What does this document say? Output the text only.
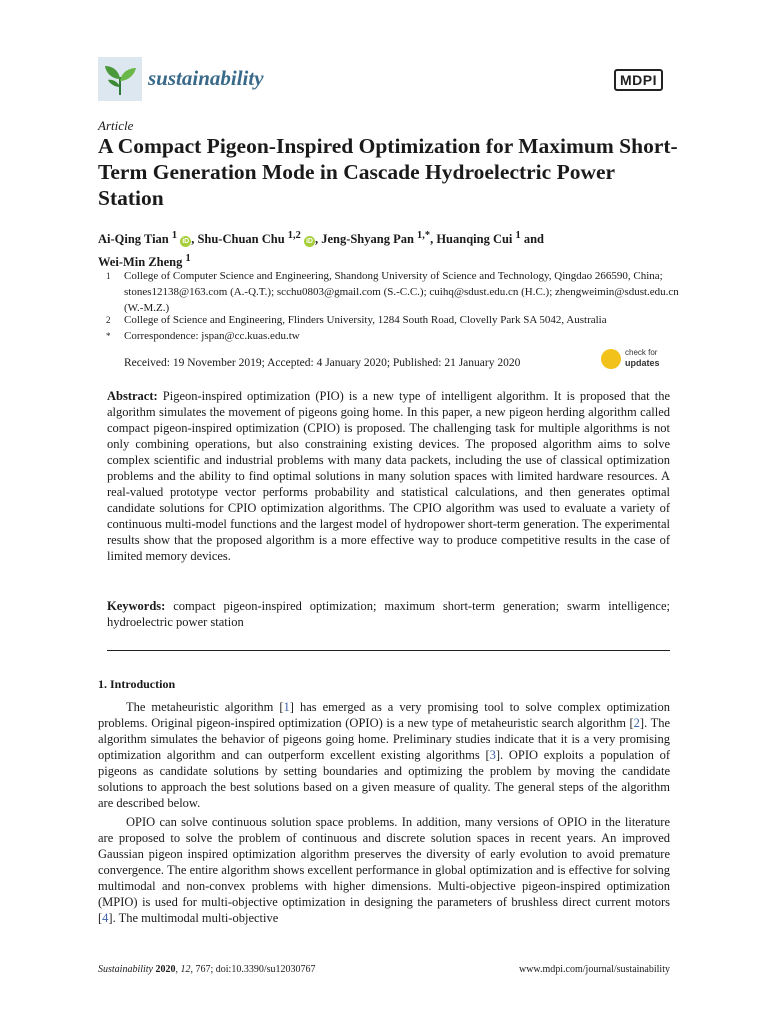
sustainability	MDPI
Article
A Compact Pigeon-Inspired Optimization for Maximum Short-Term Generation Mode in Cascade Hydroelectric Power Station
Ai-Qing Tian $^1$ iD , Shu-Chuan Chu $^{1,2}$ iD , Jeng-Shyang Pan $^{1,*}$, Huanqing Cui $^1$ and
Wei-Min Zheng $^1$
1 College of Computer Science and Engineering, Shandong University of Science and Technology, Qingdao 266590, China; stones12138@163.com (A.-Q.T.); scchu0803@gmail.com (S.-C.C.); cuihq@sdust.edu.cn (H.C.); zhengweimin@sdust.edu.cn (W.-M.Z.)
2 College of Science and Engineering, Flinders University, 1284 South Road, Clovelly Park SA 5042, Australia
* Correspondence: jspan@cc.kuas.edu.tw
Received: 19 November 2019; Accepted: 4 January 2020; Published: 21 January 2020
check for
updates
Abstract: Pigeon-inspired optimization (PIO) is a new type of intelligent algorithm. It is proposed that the algorithm simulates the movement of pigeons going home. In this paper, a new pigeon herding algorithm called compact pigeon-inspired optimization (CPIO) is proposed. The challenging task for multiple algorithms is not only combining operations, but also constraining existing devices. The proposed algorithm aims to solve complex scientific and industrial problems with many data packets, including the use of classical optimization problems and the ability to find optimal solutions in many solution spaces with limited hardware resources. A real-valued prototype vector performs probability and statistical calculations, and then generates optimal candidate solutions for CPIO optimization algorithms. The CPIO algorithm was used to evaluate a variety of continuous multi-model functions and the largest model of hydropower short-term generation. The experimental results show that the proposed algorithm is a more effective way to produce competitive results in the case of limited memory devices.
Keywords: compact pigeon-inspired optimization; maximum short-term generation; swarm intelligence; hydroelectric power station
1. Introduction
The metaheuristic algorithm [1] has emerged as a very promising tool to solve complex optimization problems. Original pigeon-inspired optimization (OPIO) is a new type of metaheuristic search algorithm [2]. The algorithm simulates the behavior of pigeons going home. Preliminary studies indicate that it is a very promising optimization algorithm and can outperform excellent existing algorithms [3]. OPIO exploits a population of pigeons as candidate solutions by setting boundaries and optimizing the problem by moving the candidate solutions to approach the best solutions based on a given measure of quality. The general steps of the algorithm are described below.
OPIO can solve continuous solution space problems. In addition, many versions of OPIO in the literature are proposed to solve the problem of continuous and discrete solution spaces in recent years. An improved Gaussian pigeon inspired optimization algorithm preserves the diversity of early evolution to avoid premature convergence. The entire algorithm shows excellent performance in global optimization and is effective for solving multimodal and non-convex problems with higher dimensions. Multi-objective pigeon-inspired optimization (MPIO) is used for multi-objective optimization in designing the parameters of brushless direct current motors [4]. The multimodal multi-objective
Sustainability 2020, 12, 767; doi:10.3390/su12030767	www.mdpi.com/journal/sustainability
